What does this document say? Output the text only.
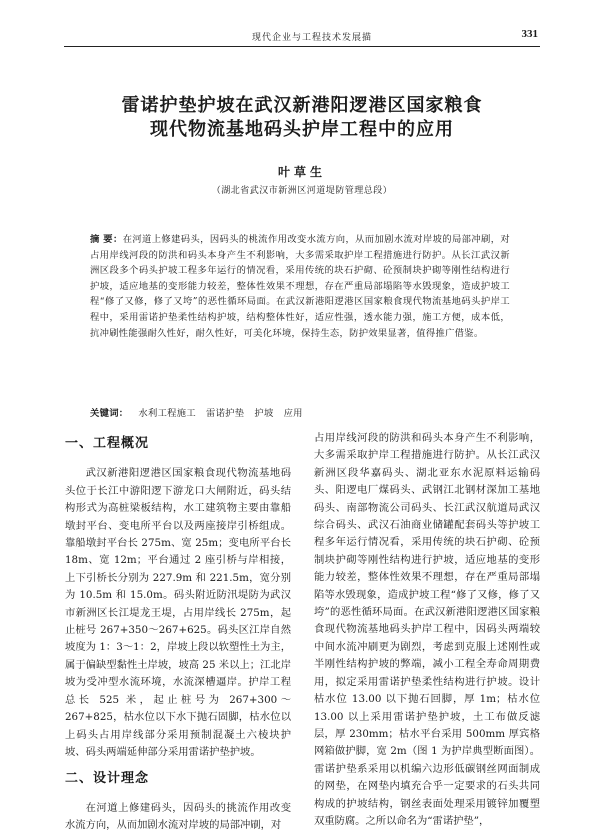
现代企业与工程技术发展描	331
雷诺护垫护坡在武汉新港阳逻港区国家粮食
现代物流基地码头护岸工程中的应用
叶草生
（湖北省武汉市新洲区河道堤防管理总段）
摘 要：在河道上修建码头，因码头的桃流作用改变水流方向，从而加剧水流对岸坡的局部冲刷，对占用岸线河段的防洪和码头本身产生不利影响，大多需采取护岸工程措施进行防护。从长江武汉新洲区段多个码头护坡工程多年运行的情况看，采用传统的块石护砌、砼预制块护砌等刚性结构进行护坡，适应地基的变形能力较差，整体性效果不理想，存在严重局部塌陷等水毁现象，造成护坡工程“修了又修，修了又垮”的恶性循环局面。在武汉新港阳逻港区国家粮食现代物流基地码头护岸工程中，采用雷诺护垫柔性结构护坡，结构整体性好，适应性强，透水能力强，施工方便，成本低，抗冲刷性能强耐久性好，耐久性好，可美化环境，保持生态，防护效果显著，值得推广借鉴。
关键词： 水利工程施工 雷诺护垫 护坡 应用
一、工程概况

武汉新港阳逻港区国家粮食现代物流基地码头位于长江中游阳逻下游龙口大闸附近，码头结构形式为高桩梁板结构，水工建筑物主要由靠船墩封平台、变电所平台以及两座接岸引桥组成。靠船墩封平台长 275m、宽 25m；变电所平台长 18m、宽 12m；平台通过 2 座引桥与岸相接，上下引桥长分别为 227.9m 和 221.5m，宽分别为 10.5m 和 15.0m。码头附近防汛堤防为武汉市新洲区长江堤龙王堤，占用岸线长 275m，起止桩号 267+350～267+625。码头区江岸自然坡度为 1：3～1：2，岸坡上段以软塑性土为主，属于偏缺型黏性土岸坡，坡高 25 米以上；江北岸坡为受冲型水流环境，水流深槽逼岸。护岸工程总长 525 米，起止桩号为 267+300～267+825，枯水位以下水下抛石固脚，枯水位以上码头占用岸线部分采用预制混凝土六棱块护坡、码头两端延伸部分采用雷诺护垫护坡。

二、设计理念

在河道上修建码头，因码头的挑流作用改变水流方向，从而加剧水流对岸坡的局部冲刷，对

占用岸线河段的防洪和码头本身产生不利影响，大多需采取护岸工程措施进行防护。从长江武汉新洲区段华嘉码头、湖北亚东水泥原料运输码头、阳逻电厂煤码头、武钢江北钢材深加工基地码头、南部物流公司码头、长江武汉航道局武汉综合码头、武汉石油商业储罐配套码头等护坡工程多年运行情况看，采用传统的块石护砌、砼预制块护砌等刚性结构进行护坡，适应地基的变形能力较差，整体性效果不理想，存在严重局部塌陷等水毁现象，造成护坡工程“修了又修，修了又垮”的恶性循环局面。在武汉新港阳逻港区国家粮食现代物流基地码头护岸工程中，因码头两端较中间水流冲刷更为剧烈，考虑到克服上述刚性或半刚性结构护坡的弊端，减小工程全寿命周期费用，拟定采用雷诺护垫柔性结构进行护坡。设计枯水位 13.00 以下抛石回脚，厚 1m；枯水位 13.00 以上采用雷诺护垫护坡，土工布做反滤层，厚 230mm；枯水平台采用 500mm 厚宾格网箱做护脚，宽 2m（图 1 为护岸典型断面图）。雷诺护垫系采用以机编六边形低碳钢丝网面制成的网垫，在网垫内填充合乎一定要求的石头共同构成的护坡结构，钢丝表面处理采用镀锌加覆塑双重防腐。之所以命名为“雷诺护垫”，
